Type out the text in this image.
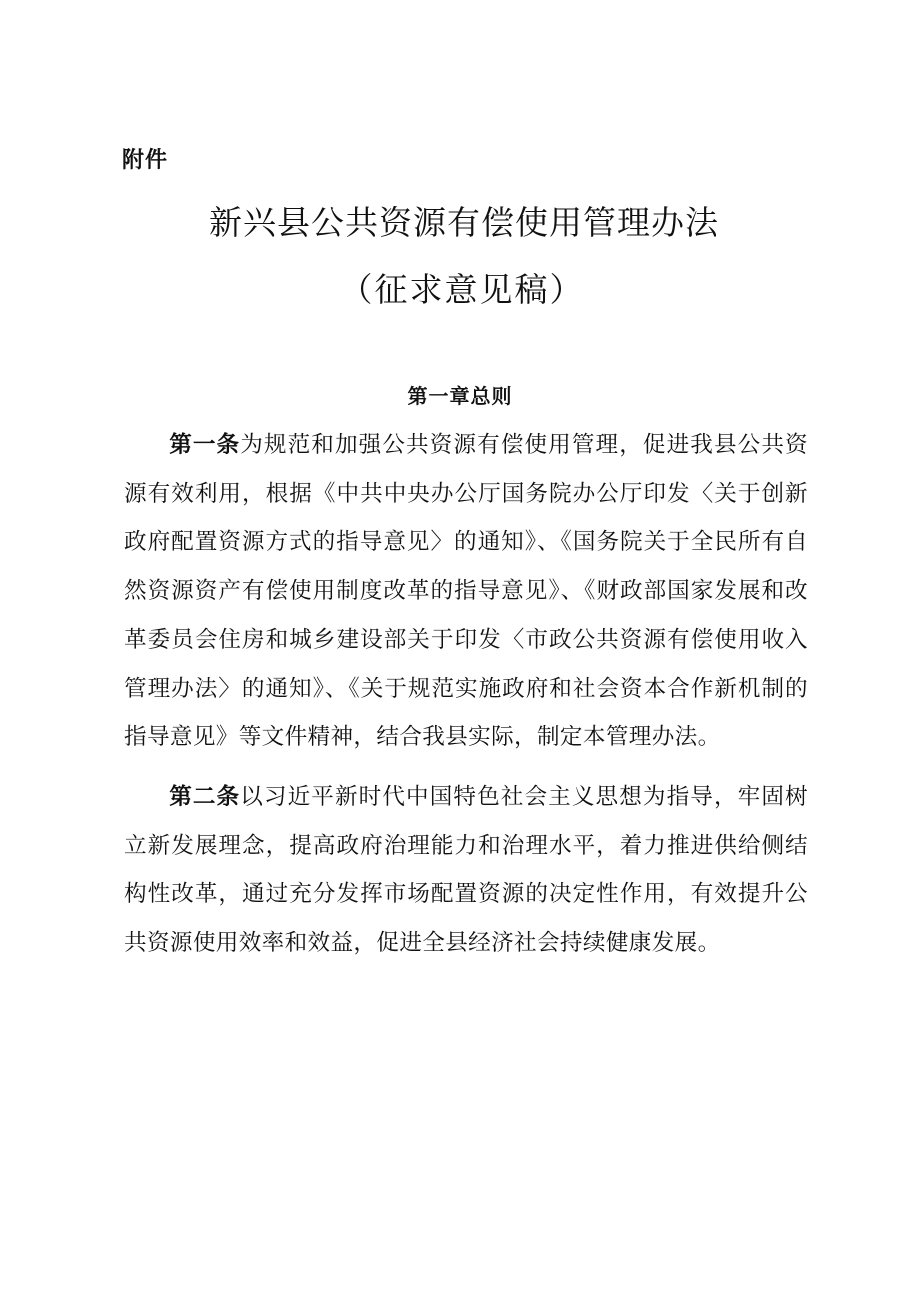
附件
新兴县公共资源有偿使用管理办法
（征求意见稿）
第一章总则

第一条为规范和加强公共资源有偿使用管理，促进我县公共资源有效利用，根据《中共中央办公厅国务院办公厅印发〈关于创新政府配置资源方式的指导意见〉的通知》、《国务院关于全民所有自然资源资产有偿使用制度改革的指导意见》、《财政部国家发展和改革委员会住房和城乡建设部关于印发〈市政公共资源有偿使用收入管理办法〉的通知》、《关于规范实施政府和社会资本合作新机制的指导意见》等文件精神，结合我县实际，制定本管理办法。

第二条以习近平新时代中国特色社会主义思想为指导，牢固树立新发展理念，提高政府治理能力和治理水平，着力推进供给侧结构性改革，通过充分发挥市场配置资源的决定性作用，有效提升公共资源使用效率和效益，促进全县经济社会持续健康发展。
